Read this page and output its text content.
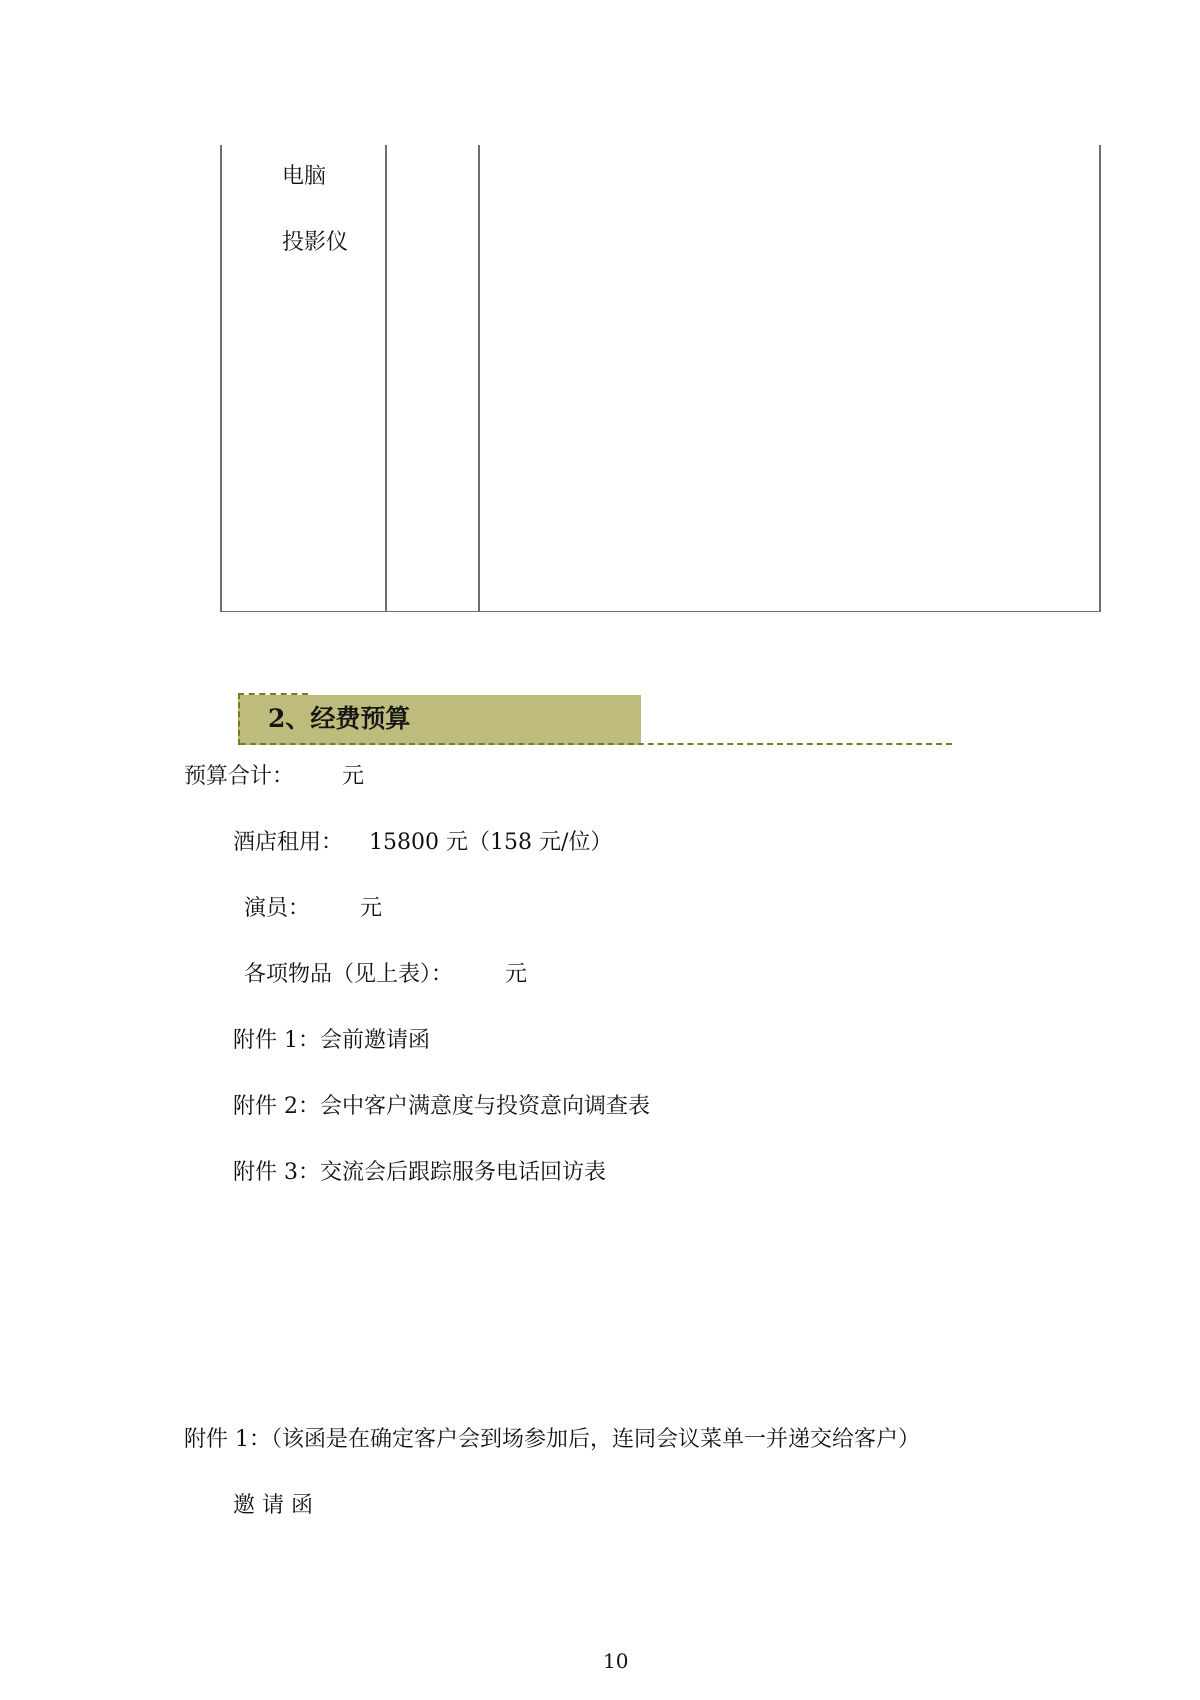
电脑
投影仪
2、经费预算
预算合计： 元
酒店租用： 15800 元（158 元/位）
演员： 元
各项物品（见上表）： 元
附件 1：会前邀请函
附件 2：会中客户满意度与投资意向调查表
附件 3：交流会后跟踪服务电话回访表
附件 1：（该函是在确定客户会到场参加后，连同会议菜单一并递交给客户）
邀 请 函
10
